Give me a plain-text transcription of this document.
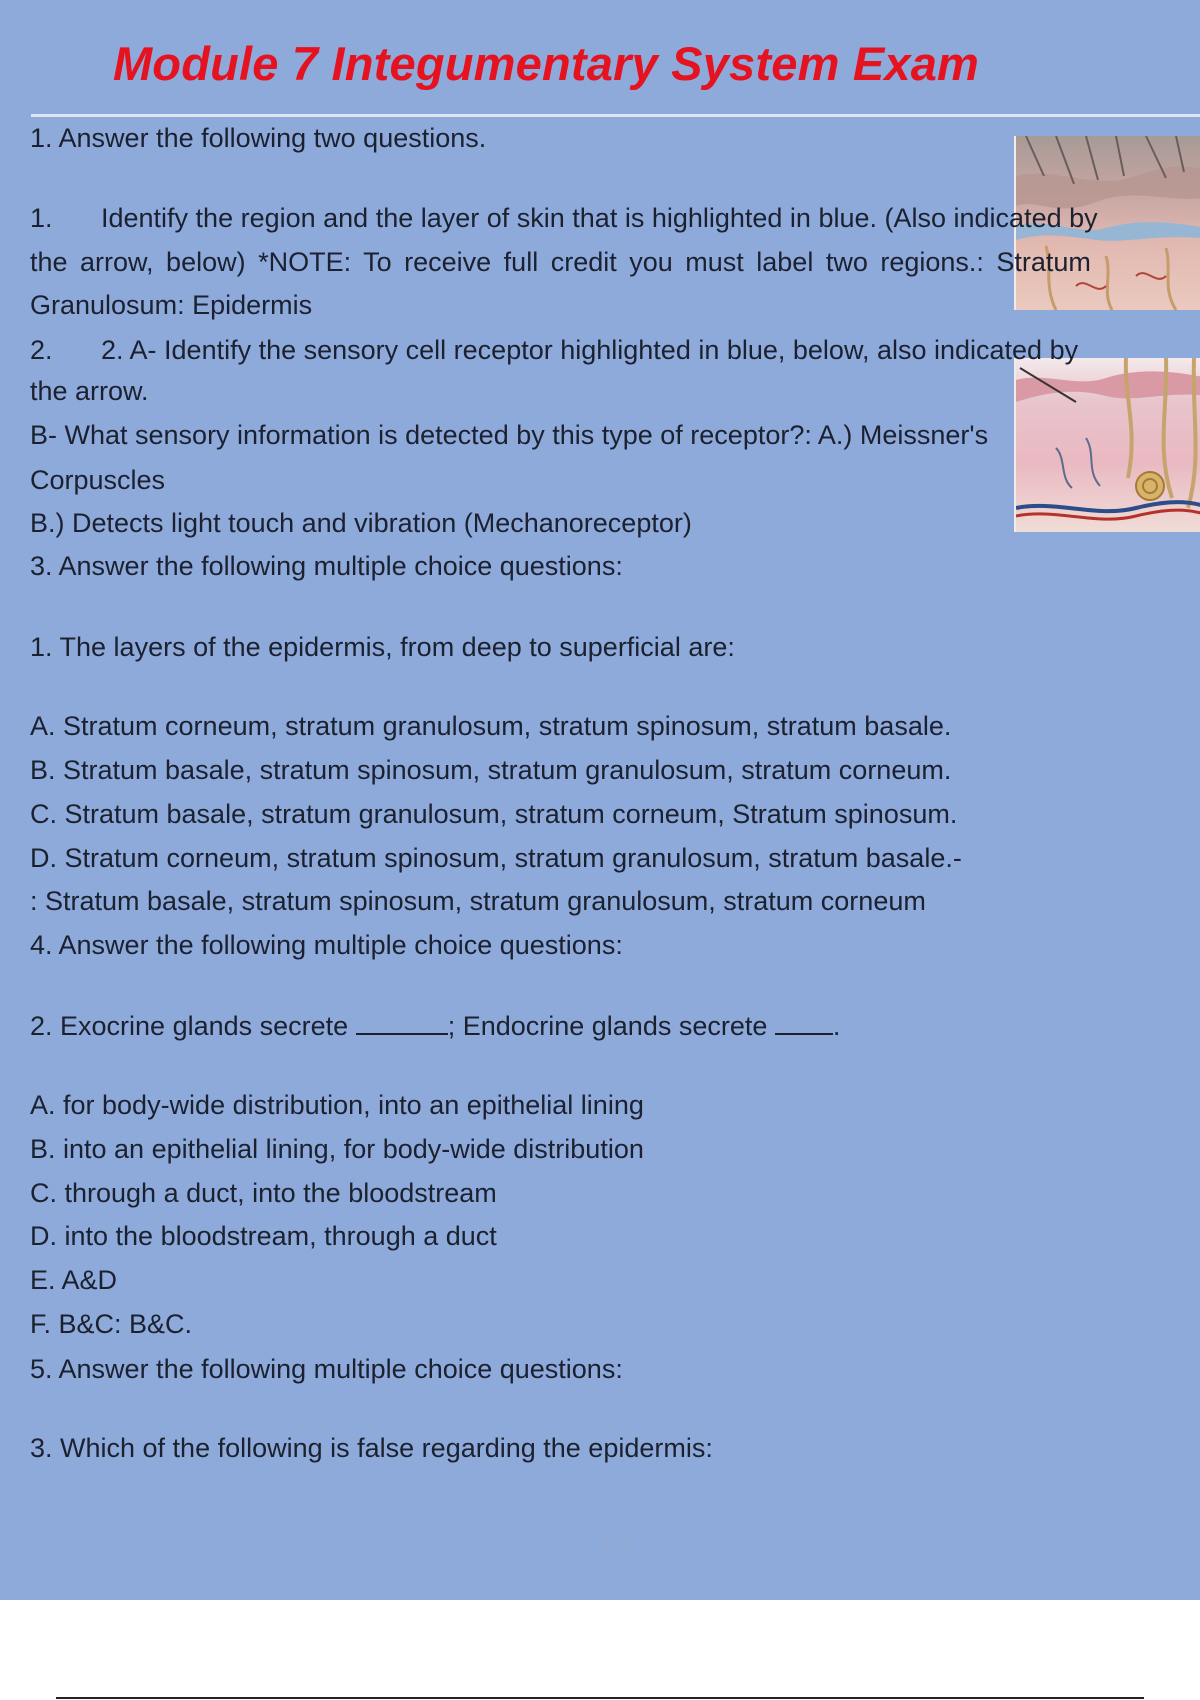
Module 7 Integumentary System Exam
1. Answer the following two questions.
1. Identify the region and the layer of skin that is highlighted in blue. (Also indicated by
the arrow, below) *NOTE: To receive full credit you must label two regions.: Stratum
Granulosum: Epidermis
2. 2. A- Identify the sensory cell receptor highlighted in blue, below, also indicated by
the arrow.
B- What sensory information is detected by this type of receptor?: A.) Meissner's
Corpuscles
B.) Detects light touch and vibration (Mechanoreceptor)
3. Answer the following multiple choice questions:
1. The layers of the epidermis, from deep to superficial are:
A. Stratum corneum, stratum granulosum, stratum spinosum, stratum basale.
B. Stratum basale, stratum spinosum, stratum granulosum, stratum corneum.
C. Stratum basale, stratum granulosum, stratum corneum, Stratum spinosum.
D. Stratum corneum, stratum spinosum, stratum granulosum, stratum basale.-
: Stratum basale, stratum spinosum, stratum granulosum, stratum corneum
4. Answer the following multiple choice questions:
2. Exocrine glands secrete	; Endocrine glands secrete .
A. for body-wide distribution, into an epithelial lining
B. into an epithelial lining, for body-wide distribution
C. through a duct, into the bloodstream
D. into the bloodstream, through a duct
E. A&D
F. B&C: B&C.
5. Answer the following multiple choice questions:
3. Which of the following is false regarding the epidermis:
1 / 7
